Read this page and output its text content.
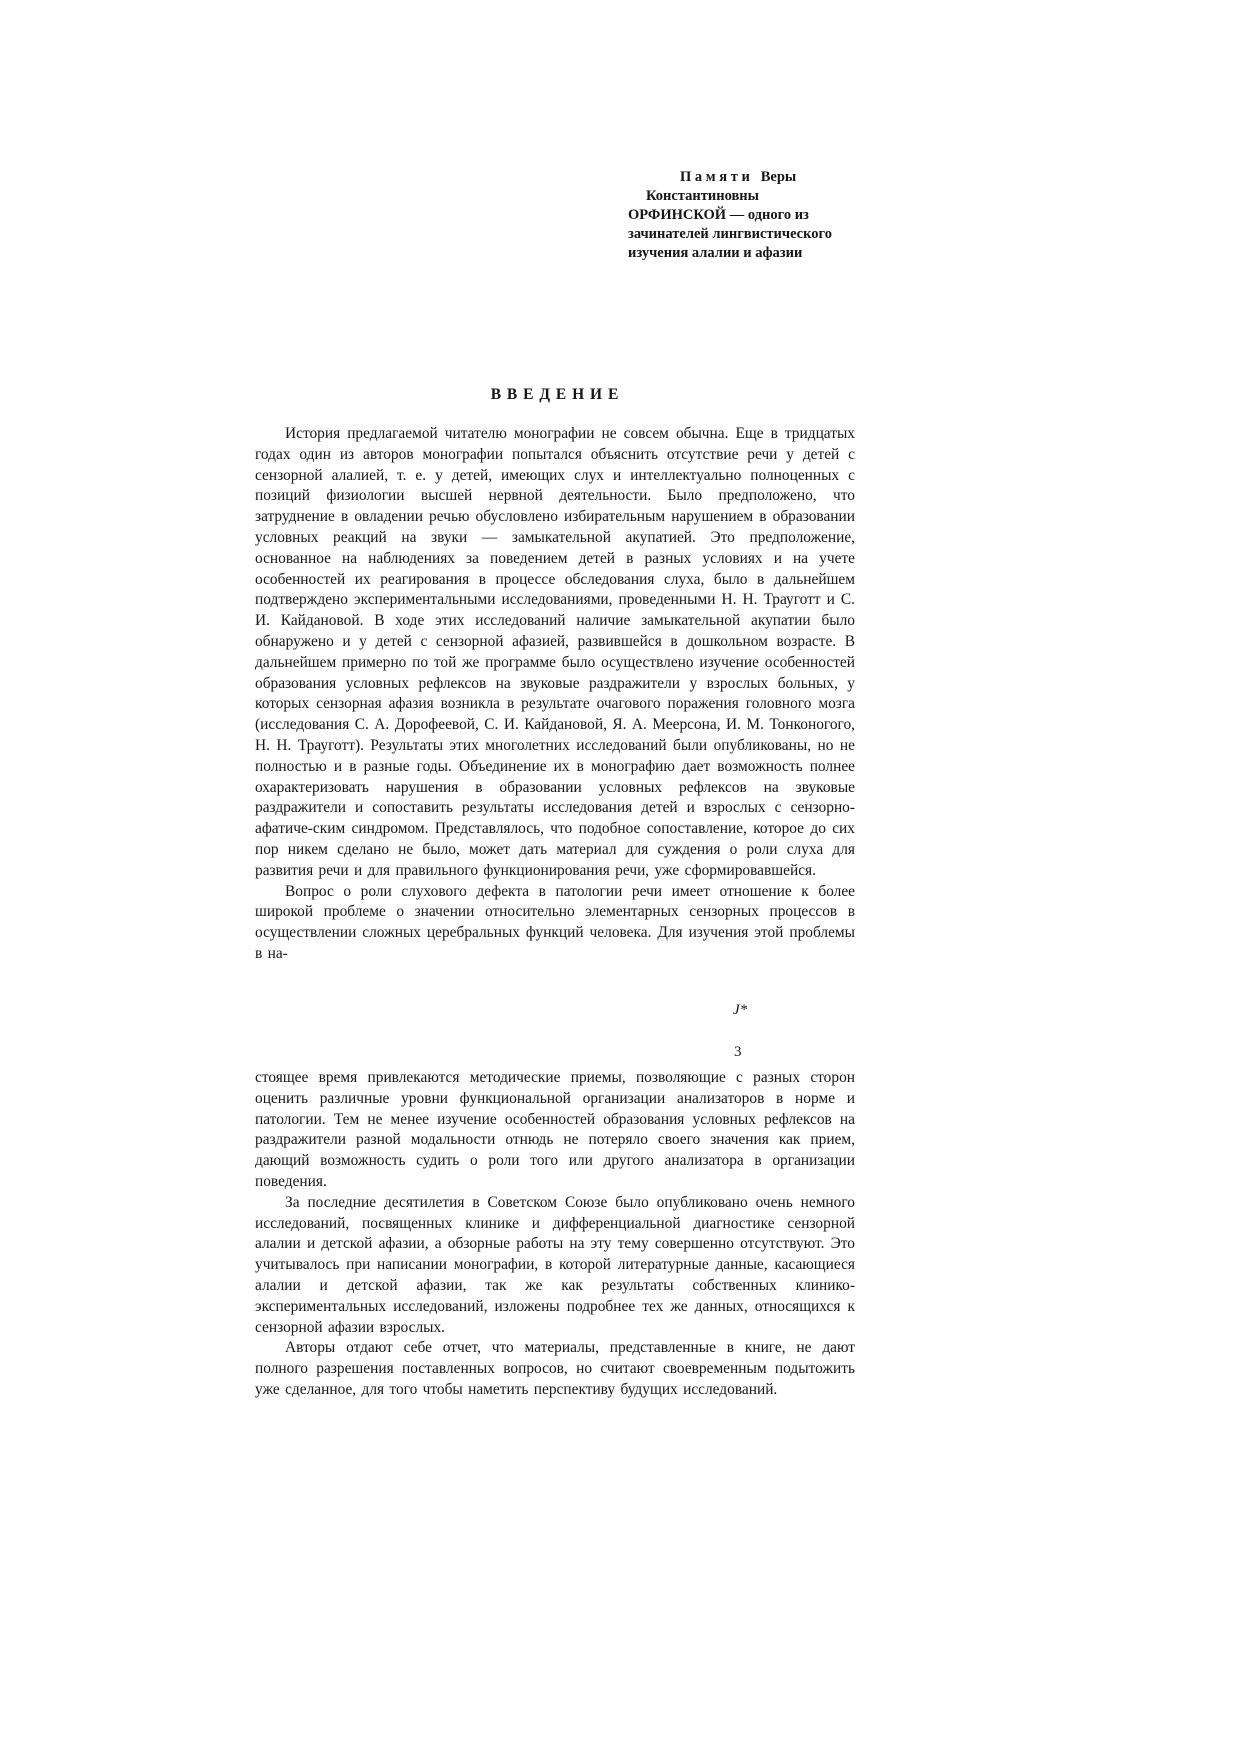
П а м я т и   Веры
Константиновны
ОРФИНСКОЙ — одного из
зачинателей лингвистического
изучения алалии и афазии
В В Е Д Е Н И Е

История предлагаемой читателю монографии не совсем обычна. Еще в тридцатых годах один из авторов монографии попытался объяснить отсутствие речи у детей с сензорной алалией, т. е. у детей, имеющих слух и интеллектуально полноценных с позиций физиологии высшей нервной деятельности. Было предположено, что затруднение в овладении речью обусловлено избирательным нарушением в образовании условных реакций на звуки — замыкательной акупатией. Это предположение, основанное на наблюдениях за поведением детей в разных условиях и на учете особенностей их реагирования в процессе обследования слуха, было в дальнейшем подтверждено экспериментальными исследованиями, проведенными Н. Н. Трауготт и С. И. Кайдановой. В ходе этих исследований наличие замыкательной акупатии было обнаружено и у детей с сензорной афазией, развившейся в дошкольном возрасте. В дальнейшем примерно по той же программе было осуществлено изучение особенностей образования условных рефлексов на звуковые раздражители у взрослых больных, у которых сензорная афазия возникла в результате очагового поражения головного мозга (исследования С. А. Дорофеевой, С. И. Кайдановой, Я. А. Меерсона, И. М. Тонконогого, Н. Н. Трауготт). Результаты этих многолетних исследований были опубликованы, но не полностью и в разные годы. Объединение их в монографию дает возможность полнее охарактеризовать нарушения в образовании условных рефлексов на звуковые раздражители и сопоставить результаты исследования детей и взрослых с сензорно-афатиче-ским синдромом. Представлялось, что подобное сопоставление, которое до сих пор никем сделано не было, может дать материал для суждения о роли слуха для развития речи и для правильного функционирования речи, уже сформировавшейся.

Вопрос о роли слухового дефекта в патологии речи имеет отношение к более широкой проблеме о значении относительно элементарных сензорных процессов в осуществлении сложных церебральных функций человека. Для изучения этой проблемы в на-

J*
3

стоящее время привлекаются методические приемы, позволяющие с разных сторон оценить различные уровни функциональной организации анализаторов в норме и патологии. Тем не менее изучение особенностей образования условных рефлексов на раздражители разной модальности отнюдь не потеряло своего значения как прием, дающий возможность судить о роли того или другого анализатора в организации поведения.

За последние десятилетия в Советском Союзе было опубликовано очень немного исследований, посвященных клинике и дифференциальной диагностике сензорной алалии и детской афазии, а обзорные работы на эту тему совершенно отсутствуют. Это учитывалось при написании монографии, в которой литературные данные, касающиеся алалии и детской афазии, так же как результаты собственных клинико-экспериментальных исследований, изложены подробнее тех же данных, относящихся к сензорной афазии взрослых.

Авторы отдают себе отчет, что материалы, представленные в книге, не дают полного разрешения поставленных вопросов, но считают своевременным подытожить уже сделанное, для того чтобы наметить перспективу будущих исследований.
